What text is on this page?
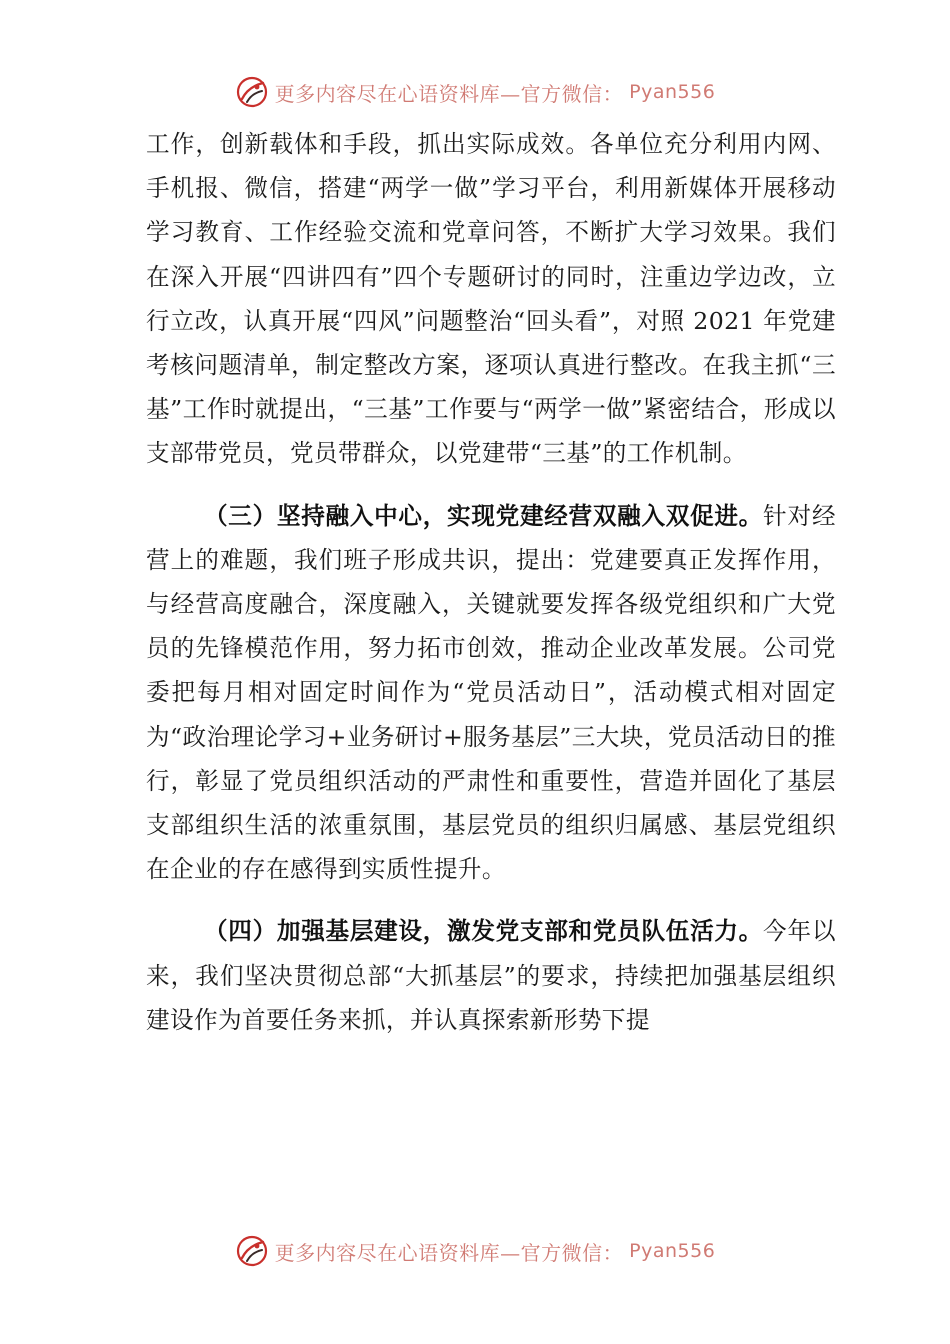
更多内容尽在心语资料库—官方微信： Pyan556

工作，创新载体和手段，抓出实际成效。各单位充分利用内网、手机报、微信，搭建“两学一做”学习平台，利用新媒体开展移动学习教育、工作经验交流和党章问答，不断扩大学习效果。我们在深入开展“四讲四有”四个专题研讨的同时，注重边学边改，立行立改，认真开展“四风”问题整治“回头看”，对照 2021 年党建考核问题清单，制定整改方案，逐项认真进行整改。在我主抓“三基”工作时就提出，“三基”工作要与“两学一做”紧密结合，形成以支部带党员，党员带群众，以党建带“三基”的工作机制。

（三）坚持融入中心，实现党建经营双融入双促进。针对经营上的难题，我们班子形成共识，提出：党建要真正发挥作用，与经营高度融合，深度融入，关键就要发挥各级党组织和广大党员的先锋模范作用，努力拓市创效，推动企业改革发展。公司党委把每月相对固定时间作为“党员活动日”，活动模式相对固定为“政治理论学习+业务研讨+服务基层”三大块，党员活动日的推行，彰显了党员组织活动的严肃性和重要性，营造并固化了基层支部组织生活的浓重氛围，基层党员的组织归属感、基层党组织在企业的存在感得到实质性提升。

（四）加强基层建设，激发党支部和党员队伍活力。今年以来，我们坚决贯彻总部“大抓基层”的要求，持续把加强基层组织建设作为首要任务来抓，并认真探索新形势下提

更多内容尽在心语资料库—官方微信： Pyan556
